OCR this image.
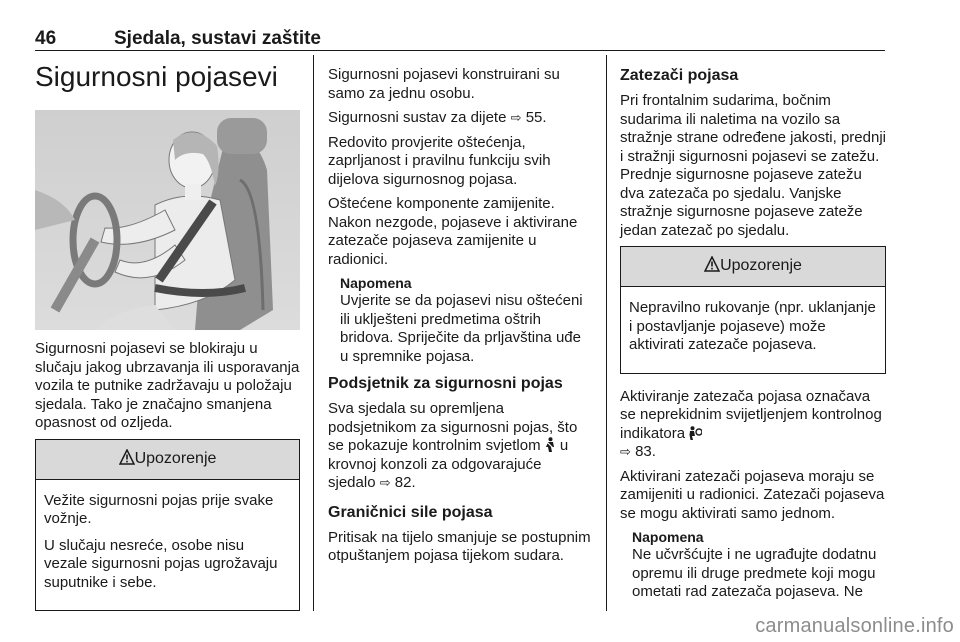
46	Sjedala, sustavi zaštite
Sigurnosni pojasevi

Sigurnosni pojasevi se blokiraju u slučaju jakog ubrzavanja ili usporavanja vozila te putnike zadržavaju u položaju sjedala. Tako je značajno smanjena opasnost od ozljeda.

Upozorenje

Vežite sigurnosni pojas prije svake vožnje.

U slučaju nesreće, osobe nisu vezale sigurnosni pojas ugrožavaju suputnike i sebe.

Sigurnosni pojasevi konstruirani su samo za jednu osobu.

Sigurnosni sustav za dijete ⇨ 55.

Redovito provjerite oštećenja, zaprljanost i pravilnu funkciju svih dijelova sigurnosnog pojasa.

Oštećene komponente zamijenite. Nakon nezgode, pojaseve i aktivirane zatezače pojaseva zamijenite u radionici.

Napomena

Uvjerite se da pojasevi nisu oštećeni ili uklješteni predmetima oštrih bridova. Spriječite da prljavština uđe u spremnike pojasa.

Podsjetnik za sigurnosni pojas

Sva sjedala su opremljena podsjetnikom za sigurnosni pojas, što se pokazuje kontrolnim svjetlom  u krovnoj konzoli za odgovarajuće sjedalo ⇨ 82.

Graničnici sile pojasa

Pritisak na tijelo smanjuje se postupnim otpuštanjem pojasa tijekom sudara.

Zatezači pojasa

Pri frontalnim sudarima, bočnim sudarima ili naletima na vozilo sa stražnje strane određene jakosti, prednji i stražnji sigurnosni pojasevi se zatežu. Prednje sigurnosne pojaseve zatežu dva zatezača po sjedalu. Vanjske stražnje sigurnosne pojaseve zateže jedan zatezač po sjedalu.

Upozorenje

Nepravilno rukovanje (npr. uklanjanje i postavljanje pojaseve) može aktivirati zatezače pojaseva.

Aktiviranje zatezača pojasa označava se neprekidnim svijetljenjem kontrolnog indikatora
⇨ 83.

Aktivirani zatezači pojaseva moraju se zamijeniti u radionici. Zatezači pojaseva se mogu aktivirati samo jednom.

Napomena

Ne učvršćujte i ne ugrađujte dodatnu opremu ili druge predmete koji mogu ometati rad zatezača pojaseva. Ne

carmanualsonline.info
